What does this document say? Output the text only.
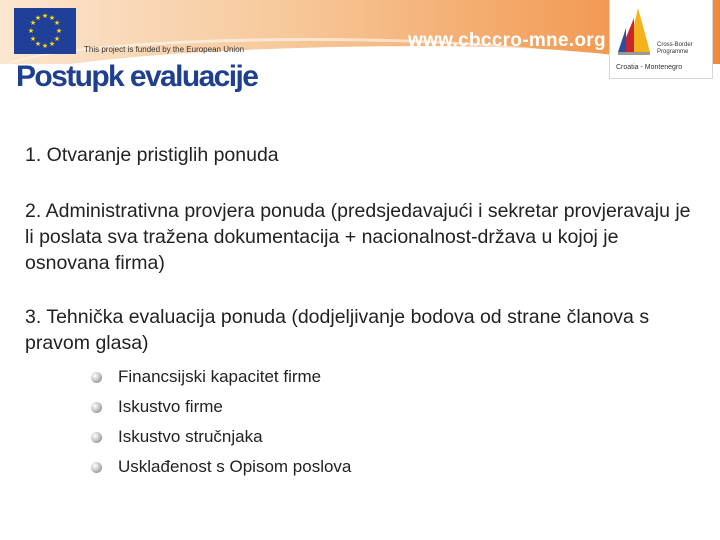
★ ★
★
★
★
★
★
★
★
★
★
★
This project is funded by the European Union	www.cbccro-mne.org	Cross-Border
Programme
Croatia - Montenegro
Postupk evaluacije

1. Otvaranje pristiglih ponuda

2. Administrativna provjera ponuda (predsjedavajući i sekretar provjeravaju je li poslata sva tražena dokumentacija + nacionalnost-država u kojoj je osnovana firma)

3. Tehnička evaluacija ponuda (dodjeljivanje bodova od strane članova s pravom glasa)

Financsijski kapacitet firme
Iskustvo firme
Iskustvo stručnjaka
Usklađenost s Opisom poslova
